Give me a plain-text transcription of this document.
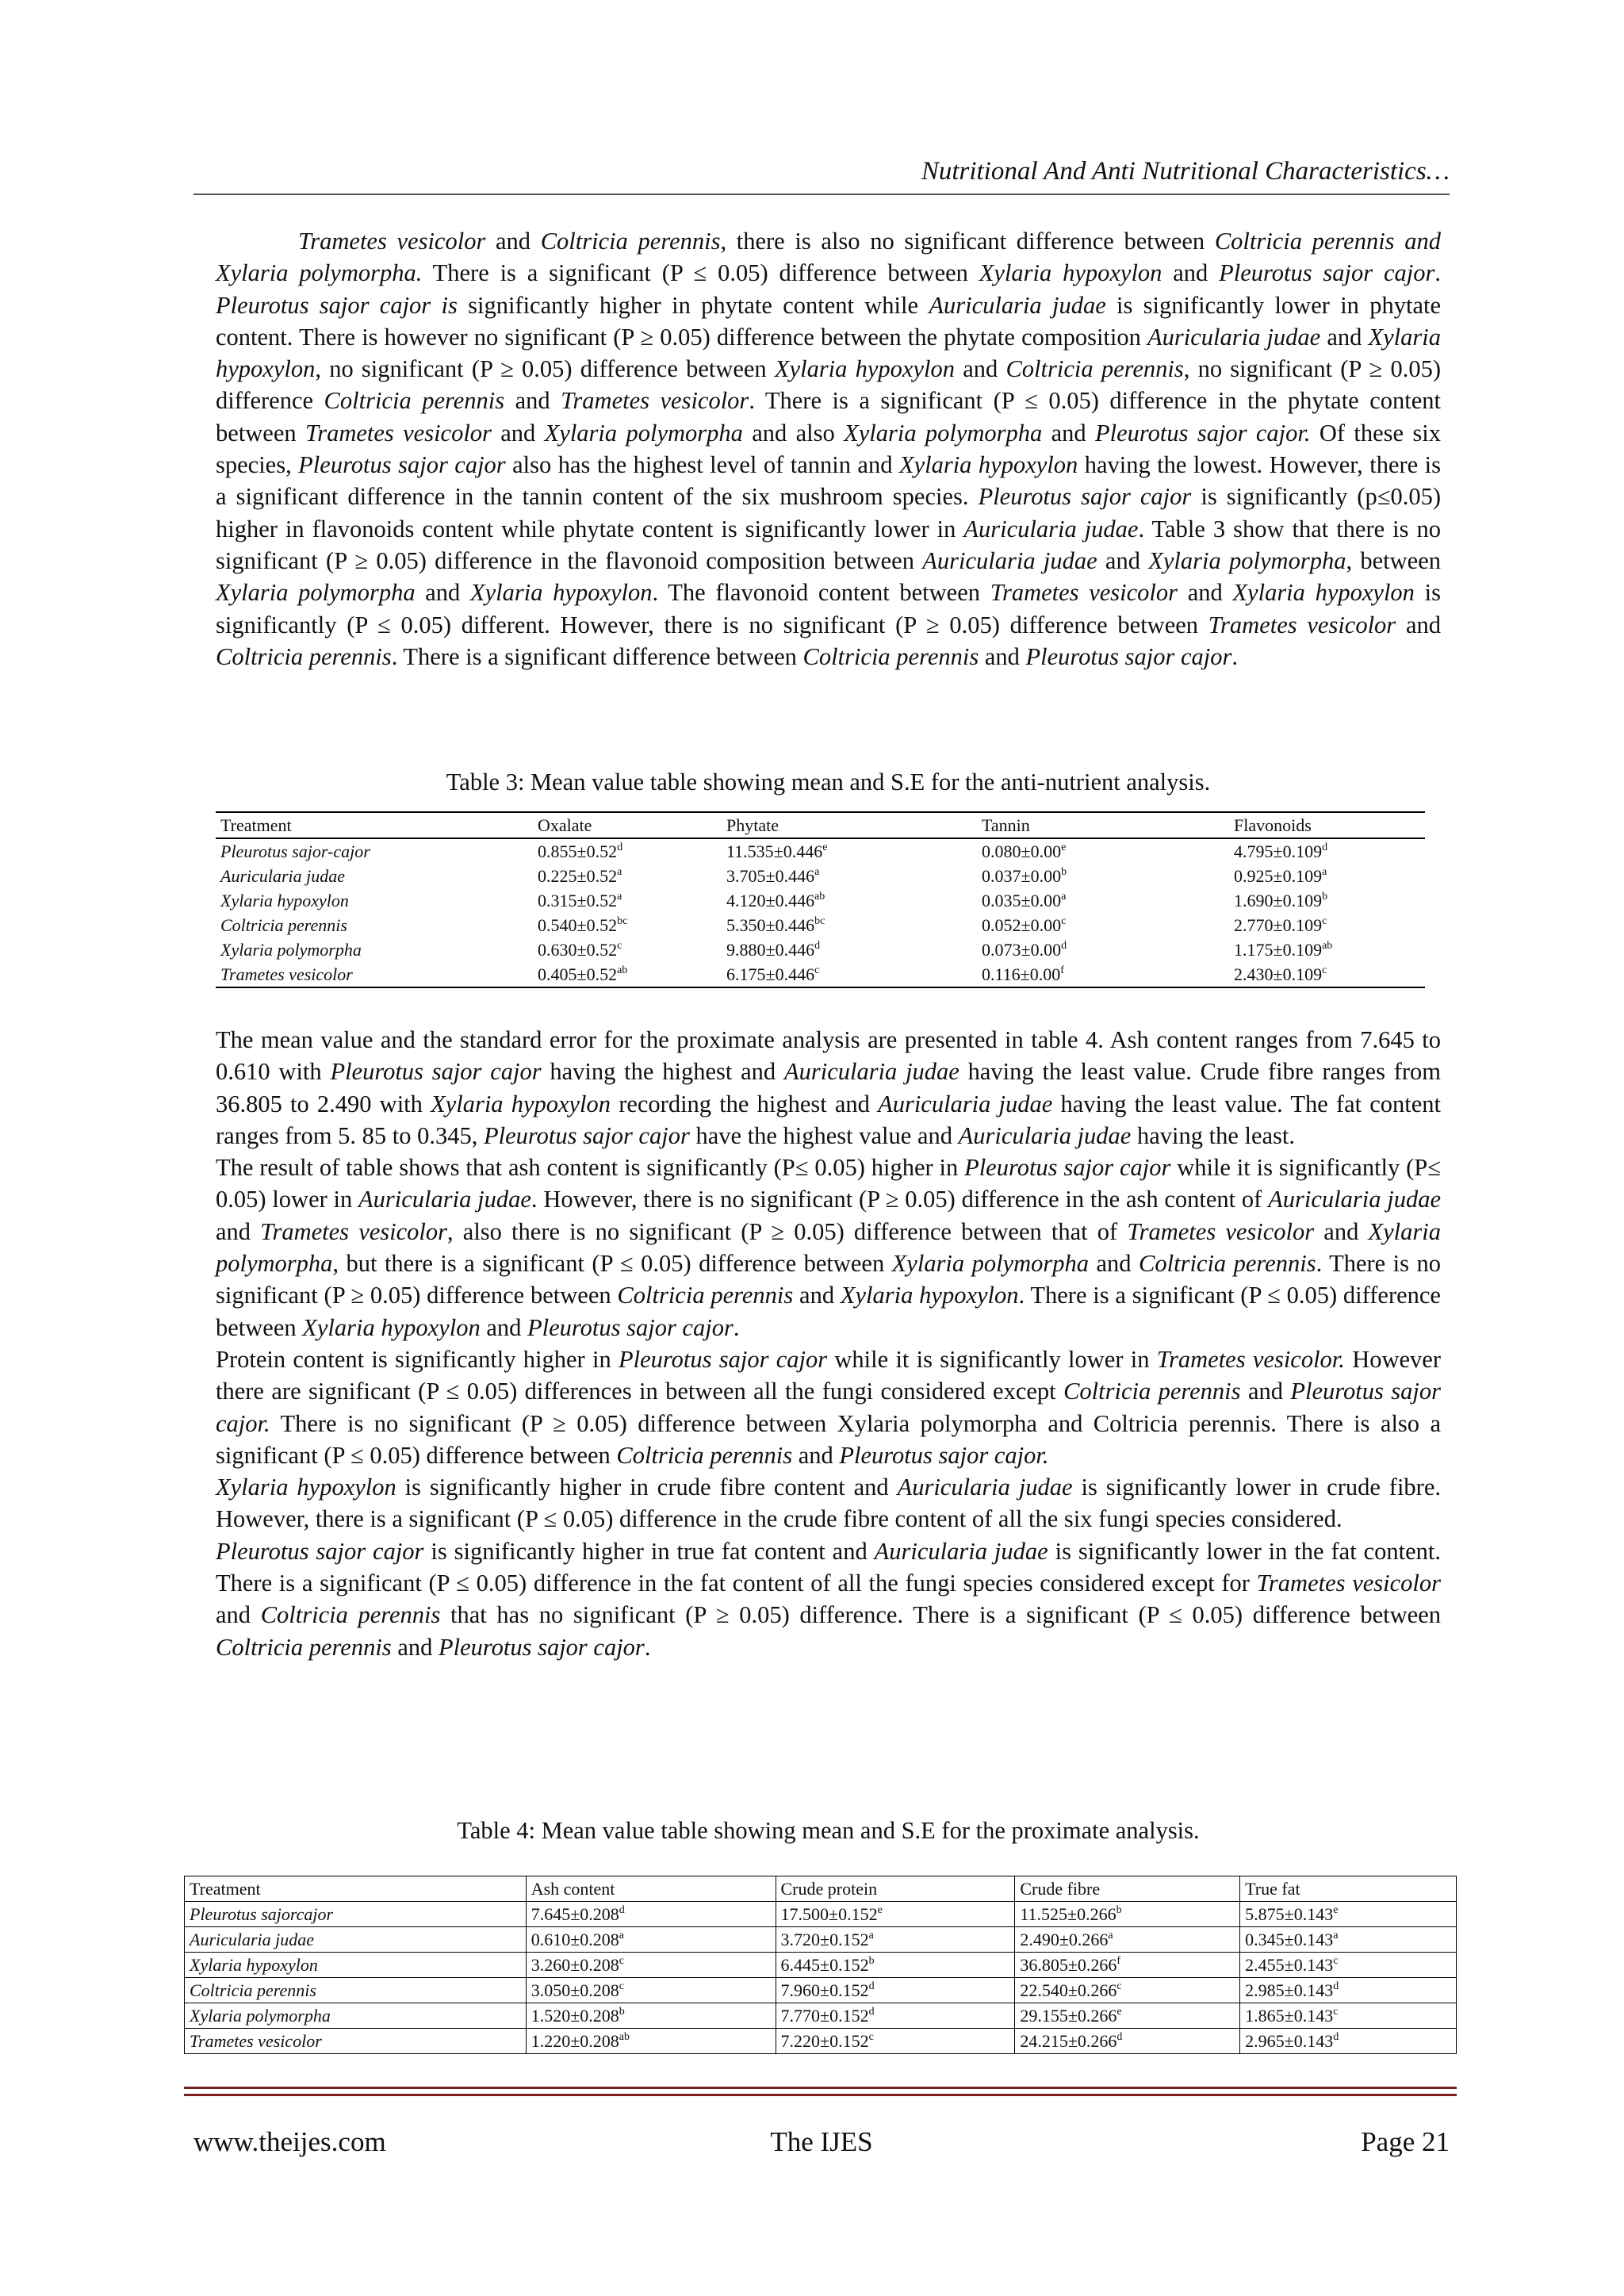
Nutritional And Anti Nutritional Characteristics…

Trametes vesicolor and Coltricia perennis, there is also no significant difference between Coltricia perennis and Xylaria polymorpha. There is a significant (P ≤ 0.05) difference between Xylaria hypoxylon and Pleurotus sajor cajor. Pleurotus sajor cajor is significantly higher in phytate content while Auricularia judae is significantly lower in phytate content. There is however no significant (P ≥ 0.05) difference between the phytate composition Auricularia judae and Xylaria hypoxylon, no significant (P ≥ 0.05) difference between Xylaria hypoxylon and Coltricia perennis, no significant (P ≥ 0.05) difference Coltricia perennis and Trametes vesicolor. There is a significant (P ≤ 0.05) difference in the phytate content between Trametes vesicolor and Xylaria polymorpha and also Xylaria polymorpha and Pleurotus sajor cajor. Of these six species, Pleurotus sajor cajor also has the highest level of tannin and Xylaria hypoxylon having the lowest. However, there is a significant difference in the tannin content of the six mushroom species. Pleurotus sajor cajor is significantly (p≤0.05) higher in flavonoids content while phytate content is significantly lower in Auricularia judae. Table 3 show that there is no significant (P ≥ 0.05) difference in the flavonoid composition between Auricularia judae and Xylaria polymorpha, between Xylaria polymorpha and Xylaria hypoxylon. The flavonoid content between Trametes vesicolor and Xylaria hypoxylon is significantly (P ≤ 0.05) different. However, there is no significant (P ≥ 0.05) difference between Trametes vesicolor and Coltricia perennis. There is a significant difference between Coltricia perennis and Pleurotus sajor cajor.

Table 3: Mean value table showing mean and S.E for the anti-nutrient analysis.
Treatment	Oxalate	Phytate	Tannin	Flavonoids
Pleurotus sajor-cajor	0.855±0.52$^d$	11.535±0.446$^e$	0.080±0.00$^e$	4.795±0.109$^d$
Auricularia judae	0.225±0.52$^a$	3.705±0.446$^a$	0.037±0.00$^b$	0.925±0.109$^a$
Xylaria hypoxylon	0.315±0.52$^a$	4.120±0.446$^{ab}$	0.035±0.00$^a$	1.690±0.109$^b$
Coltricia perennis	0.540±0.52$^{bc}$	5.350±0.446$^{bc}$	0.052±0.00$^c$	2.770±0.109$^c$
Xylaria polymorpha	0.630±0.52$^c$	9.880±0.446$^d$	0.073±0.00$^d$	1.175±0.109$^{ab}$
Trametes vesicolor	0.405±0.52$^{ab}$	6.175±0.446$^c$	0.116±0.00$^f$	2.430±0.109$^c$

The mean value and the standard error for the proximate analysis are presented in table 4. Ash content ranges from 7.645 to 0.610 with Pleurotus sajor cajor having the highest and Auricularia judae having the least value. Crude fibre ranges from 36.805 to 2.490 with Xylaria hypoxylon recording the highest and Auricularia judae having the least value. The fat content ranges from 5. 85 to 0.345, Pleurotus sajor cajor have the highest value and Auricularia judae having the least.

The result of table shows that ash content is significantly (P≤ 0.05) higher in Pleurotus sajor cajor while it is significantly (P≤ 0.05) lower in Auricularia judae. However, there is no significant (P ≥ 0.05) difference in the ash content of Auricularia judae and Trametes vesicolor, also there is no significant (P ≥ 0.05) difference between that of Trametes vesicolor and Xylaria polymorpha, but there is a significant (P ≤ 0.05) difference between Xylaria polymorpha and Coltricia perennis. There is no significant (P ≥ 0.05) difference between Coltricia perennis and Xylaria hypoxylon. There is a significant (P ≤ 0.05) difference between Xylaria hypoxylon and Pleurotus sajor cajor.

Protein content is significantly higher in Pleurotus sajor cajor while it is significantly lower in Trametes vesicolor. However there are significant (P ≤ 0.05) differences in between all the fungi considered except Coltricia perennis and Pleurotus sajor cajor. There is no significant (P ≥ 0.05) difference between Xylaria polymorpha and Coltricia perennis. There is also a significant (P ≤ 0.05) difference between Coltricia perennis and Pleurotus sajor cajor.

Xylaria hypoxylon is significantly higher in crude fibre content and Auricularia judae is significantly lower in crude fibre. However, there is a significant (P ≤ 0.05) difference in the crude fibre content of all the six fungi species considered.

Pleurotus sajor cajor is significantly higher in true fat content and Auricularia judae is significantly lower in the fat content. There is a significant (P ≤ 0.05) difference in the fat content of all the fungi species considered except for Trametes vesicolor and Coltricia perennis that has no significant (P ≥ 0.05) difference. There is a significant (P ≤ 0.05) difference between Coltricia perennis and Pleurotus sajor cajor.

Table 4: Mean value table showing mean and S.E for the proximate analysis.
Treatment	Ash content	Crude protein	Crude fibre	True fat
Pleurotus sajorcajor	7.645±0.208$^d$	17.500±0.152$^e$	11.525±0.266$^b$	5.875±0.143$^e$
Auricularia judae	0.610±0.208$^a$	3.720±0.152$^a$	2.490±0.266$^a$	0.345±0.143$^a$
Xylaria hypoxylon	3.260±0.208$^c$	6.445±0.152$^b$	36.805±0.266$^f$	2.455±0.143$^c$
Coltricia perennis	3.050±0.208$^c$	7.960±0.152$^d$	22.540±0.266$^c$	2.985±0.143$^d$
Xylaria polymorpha	1.520±0.208$^b$	7.770±0.152$^d$	29.155±0.266$^e$	1.865±0.143$^c$
Trametes vesicolor	1.220±0.208$^{ab}$	7.220±0.152$^c$	24.215±0.266$^d$	2.965±0.143$^d$
www.theijes.com	The IJES	Page 21
